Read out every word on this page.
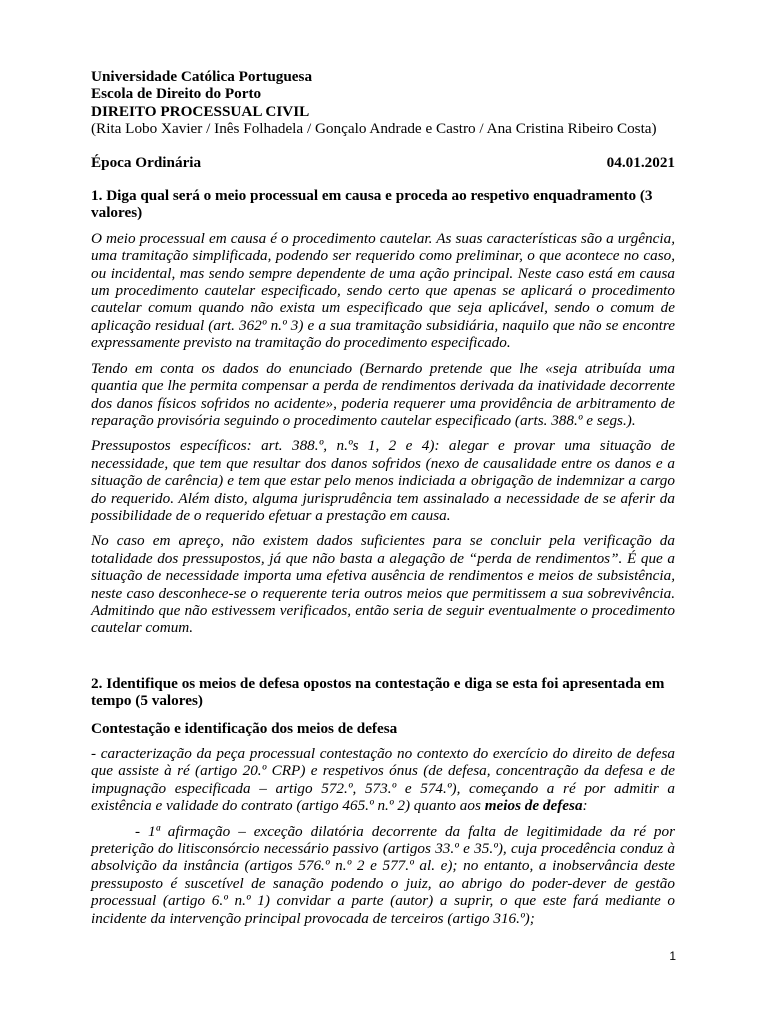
Universidade Católica Portuguesa
Escola de Direito do Porto
DIREITO PROCESSUAL CIVIL
(Rita Lobo Xavier / Inês Folhadela / Gonçalo Andrade e Castro / Ana Cristina Ribeiro Costa)
Época Ordinária	04.01.2021
1. Diga qual será o meio processual em causa e proceda ao respetivo enquadramento (3 valores)

O meio processual em causa é o procedimento cautelar. As suas características são a urgência, uma tramitação simplificada, podendo ser requerido como preliminar, o que acontece no caso, ou incidental, mas sendo sempre dependente de uma ação principal. Neste caso está em causa um procedimento cautelar especificado, sendo certo que apenas se aplicará o procedimento cautelar comum quando não exista um especificado que seja aplicável, sendo o comum de aplicação residual (art. 362º n.º 3) e a sua tramitação subsidiária, naquilo que não se encontre expressamente previsto na tramitação do procedimento especificado.

Tendo em conta os dados do enunciado (Bernardo pretende que lhe «seja atribuída uma quantia que lhe permita compensar a perda de rendimentos derivada da inatividade decorrente dos danos físicos sofridos no acidente», poderia requerer uma providência de arbitramento de reparação provisória seguindo o procedimento cautelar especificado (arts. 388.º e segs.).

Pressupostos específicos: art. 388.º, n.ºs 1, 2 e 4): alegar e provar uma situação de necessidade, que tem que resultar dos danos sofridos (nexo de causalidade entre os danos e a situação de carência) e tem que estar pelo menos indiciada a obrigação de indemnizar a cargo do requerido. Além disto, alguma jurisprudência tem assinalado a necessidade de se aferir da possibilidade de o requerido efetuar a prestação em causa.

No caso em apreço, não existem dados suficientes para se concluir pela verificação da totalidade dos pressupostos, já que não basta a alegação de “perda de rendimentos”. É que a situação de necessidade importa uma efetiva ausência de rendimentos e meios de subsistência, neste caso desconhece-se o requerente teria outros meios que permitissem a sua sobrevivência. Admitindo que não estivessem verificados, então seria de seguir eventualmente o procedimento cautelar comum.

2. Identifique os meios de defesa opostos na contestação e diga se esta foi apresentada em tempo (5 valores)
Contestação e identificação dos meios de defesa

- caracterização da peça processual contestação no contexto do exercício do direito de defesa que assiste à ré (artigo 20.º CRP) e respetivos ónus (de defesa, concentração da defesa e de impugnação especificada – artigo 572.º, 573.º e 574.º), começando a ré por admitir a existência e validade do contrato (artigo 465.º n.º 2) quanto aos meios de defesa:

- 1ª afirmação – exceção dilatória decorrente da falta de legitimidade da ré por preterição do litisconsórcio necessário passivo (artigos 33.º e 35.º), cuja procedência conduz à absolvição da instância (artigos 576.º n.º 2 e 577.º al. e); no entanto, a inobservância deste pressuposto é suscetível de sanação podendo o juiz, ao abrigo do poder-dever de gestão processual (artigo 6.º n.º 1) convidar a parte (autor) a suprir, o que este fará mediante o incidente da intervenção principal provocada de terceiros (artigo 316.º);

1
